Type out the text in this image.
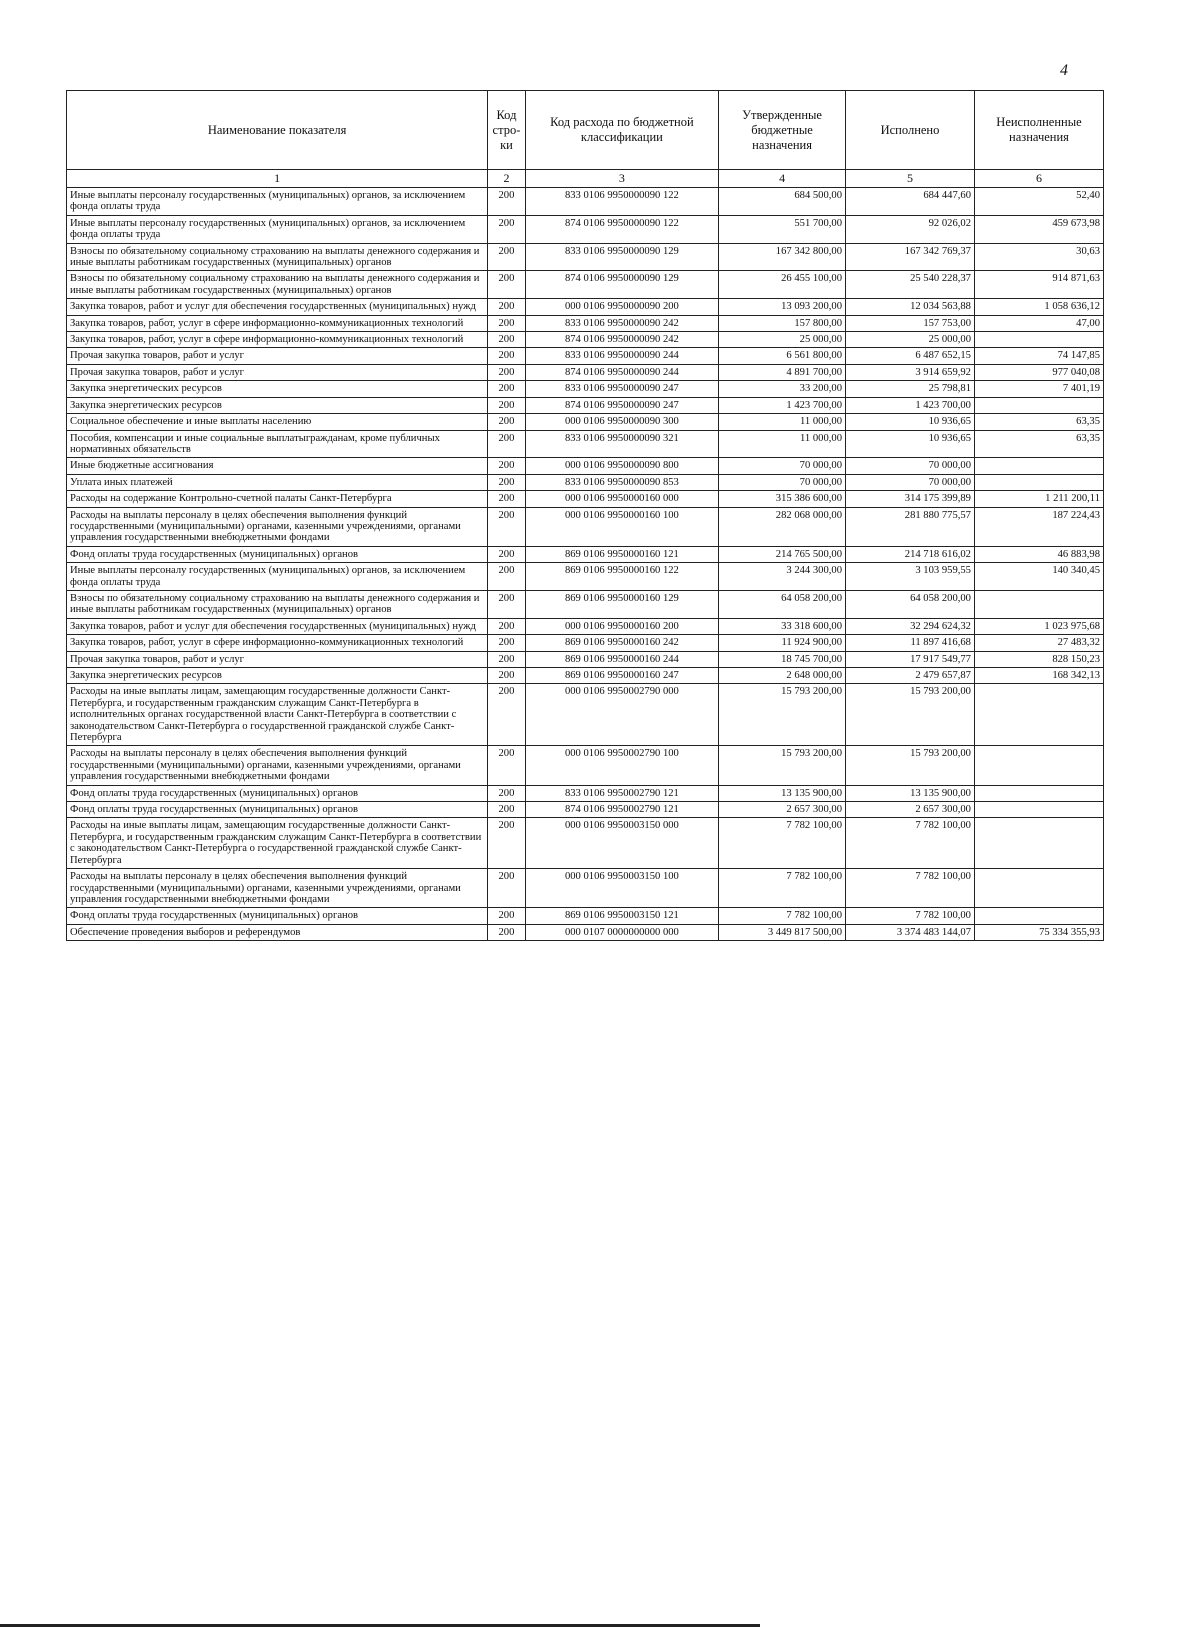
4
Наименование показателя	Код стро-ки	Код расхода по бюджетной классификации	Утвержденные бюджетные назначения	Исполнено	Неисполненные назначения
1	2	3	4	5	6
Иные выплаты персоналу государственных (муниципальных) органов, за исключением фонда оплаты труда	200	833 0106 9950000090 122	684 500,00	684 447,60	52,40
Иные выплаты персоналу государственных (муниципальных) органов, за исключением фонда оплаты труда	200	874 0106 9950000090 122	551 700,00	92 026,02	459 673,98
Взносы по обязательному социальному страхованию на выплаты денежного содержания и иные выплаты работникам государственных (муниципальных) органов	200	833 0106 9950000090 129	167 342 800,00	167 342 769,37	30,63
Взносы по обязательному социальному страхованию на выплаты денежного содержания и иные выплаты работникам государственных (муниципальных) органов	200	874 0106 9950000090 129	26 455 100,00	25 540 228,37	914 871,63
Закупка товаров, работ и услуг для обеспечения государственных (муниципальных) нужд	200	000 0106 9950000090 200	13 093 200,00	12 034 563,88	1 058 636,12
Закупка товаров, работ, услуг в сфере информационно-коммуникационных технологий	200	833 0106 9950000090 242	157 800,00	157 753,00	47,00
Закупка товаров, работ, услуг в сфере информационно-коммуникационных технологий	200	874 0106 9950000090 242	25 000,00	25 000,00	
Прочая закупка товаров, работ и услуг	200	833 0106 9950000090 244	6 561 800,00	6 487 652,15	74 147,85
Прочая закупка товаров, работ и услуг	200	874 0106 9950000090 244	4 891 700,00	3 914 659,92	977 040,08
Закупка энергетических ресурсов	200	833 0106 9950000090 247	33 200,00	25 798,81	7 401,19
Закупка энергетических ресурсов	200	874 0106 9950000090 247	1 423 700,00	1 423 700,00	
Социальное обеспечение и иные выплаты населению	200	000 0106 9950000090 300	11 000,00	10 936,65	63,35
Пособия, компенсации и иные социальные выплатыгражданам, кроме публичных нормативных обязательств	200	833 0106 9950000090 321	11 000,00	10 936,65	63,35
Иные бюджетные ассигнования	200	000 0106 9950000090 800	70 000,00	70 000,00	
Уплата иных платежей	200	833 0106 9950000090 853	70 000,00	70 000,00	
Расходы на содержание Контрольно-счетной палаты Санкт-Петербурга	200	000 0106 9950000160 000	315 386 600,00	314 175 399,89	1 211 200,11
Расходы на выплаты персоналу в целях обеспечения выполнения функций государственными (муниципальными) органами, казенными учреждениями, органами управления государственными внебюджетными фондами	200	000 0106 9950000160 100	282 068 000,00	281 880 775,57	187 224,43
Фонд оплаты труда государственных (муниципальных) органов	200	869 0106 9950000160 121	214 765 500,00	214 718 616,02	46 883,98
Иные выплаты персоналу государственных (муниципальных) органов, за исключением фонда оплаты труда	200	869 0106 9950000160 122	3 244 300,00	3 103 959,55	140 340,45
Взносы по обязательному социальному страхованию на выплаты денежного содержания и иные выплаты работникам государственных (муниципальных) органов	200	869 0106 9950000160 129	64 058 200,00	64 058 200,00	
Закупка товаров, работ и услуг для обеспечения государственных (муниципальных) нужд	200	000 0106 9950000160 200	33 318 600,00	32 294 624,32	1 023 975,68
Закупка товаров, работ, услуг в сфере информационно-коммуникационных технологий	200	869 0106 9950000160 242	11 924 900,00	11 897 416,68	27 483,32
Прочая закупка товаров, работ и услуг	200	869 0106 9950000160 244	18 745 700,00	17 917 549,77	828 150,23
Закупка энергетических ресурсов	200	869 0106 9950000160 247	2 648 000,00	2 479 657,87	168 342,13
Расходы на иные выплаты лицам, замещающим государственные должности Санкт-Петербурга, и государственным гражданским служащим Санкт-Петербурга в исполнительных органах государственной власти Санкт-Петербурга в соответствии с законодательством Санкт-Петербурга о государственной гражданской службе Санкт-Петербурга	200	000 0106 9950002790 000	15 793 200,00	15 793 200,00	
Расходы на выплаты персоналу в целях обеспечения выполнения функций государственными (муниципальными) органами, казенными учреждениями, органами управления государственными внебюджетными фондами	200	000 0106 9950002790 100	15 793 200,00	15 793 200,00	
Фонд оплаты труда государственных (муниципальных) органов	200	833 0106 9950002790 121	13 135 900,00	13 135 900,00	
Фонд оплаты труда государственных (муниципальных) органов	200	874 0106 9950002790 121	2 657 300,00	2 657 300,00	
Расходы на иные выплаты лицам, замещающим государственные должности Санкт-Петербурга, и государственным гражданским служащим Санкт-Петербурга в соответствии с законодательством Санкт-Петербурга о государственной гражданской службе Санкт-Петербурга	200	000 0106 9950003150 000	7 782 100,00	7 782 100,00	
Расходы на выплаты персоналу в целях обеспечения выполнения функций государственными (муниципальными) органами, казенными учреждениями, органами управления государственными внебюджетными фондами	200	000 0106 9950003150 100	7 782 100,00	7 782 100,00	
Фонд оплаты труда государственных (муниципальных) органов	200	869 0106 9950003150 121	7 782 100,00	7 782 100,00	
Обеспечение проведения выборов и референдумов	200	000 0107 0000000000 000	3 449 817 500,00	3 374 483 144,07	75 334 355,93
